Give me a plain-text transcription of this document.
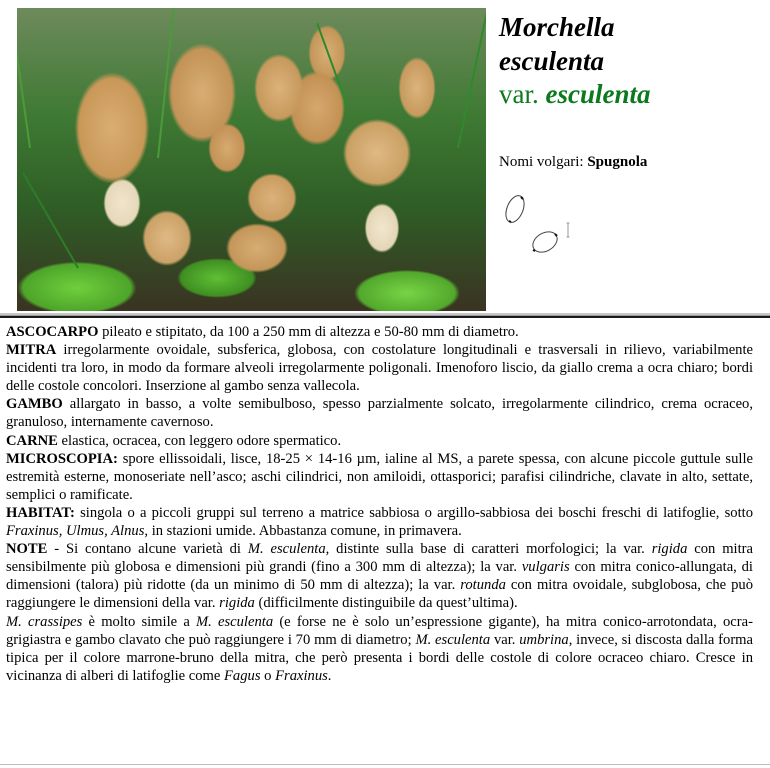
Morchella
esculenta
var. esculenta
Nomi volgari: Spugnola

ASCOCARPO pileato e stipitato, da 100 a 250 mm di altezza e 50-80 mm di diametro.

MITRA irregolarmente ovoidale, subsferica, globosa, con costolature longitudinali e trasversali in rilievo, variabilmente incidenti tra loro, in modo da formare alveoli irregolarmente poligonali. Imenoforo liscio, da giallo crema a ocra chiaro; bordi delle costole concolori. Inserzione al gambo senza vallecola.

GAMBO allargato in basso, a volte semibulboso, spesso parzialmente solcato, irregolarmente cilindrico, crema ocraceo, granuloso, internamente cavernoso.

CARNE elastica, ocracea, con leggero odore spermatico.

MICROSCOPIA: spore ellissoidali, lisce, 18-25 × 14-16 µm, ialine al MS, a parete spessa, con alcune piccole guttule sulle estremità esterne, monoseriate nell’asco; aschi cilindrici, non amiloidi, ottasporici; parafisi cilindriche, clavate in alto, settate, semplici o ramificate.

HABITAT: singola o a piccoli gruppi sul terreno a matrice sabbiosa o argillo-sabbiosa dei boschi freschi di latifoglie, sotto Fraxinus, Ulmus, Alnus, in stazioni umide. Abbastanza comune, in primavera.

NOTE - Si contano alcune varietà di M. esculenta, distinte sulla base di caratteri morfologici; la var. rigida con mitra sensibilmente più globosa e dimensioni più grandi (fino a 300 mm di altezza); la var. vulgaris con mitra conico-allungata, di dimensioni (talora) più ridotte (da un minimo di 50 mm di altezza); la var. rotunda con mitra ovoidale, subglobosa, che può raggiungere le dimensioni della var. rigida (difficilmente distinguibile da quest’ultima).

M. crassipes è molto simile a M. esculenta (e forse ne è solo un’espressione gigante), ha mitra conico-arrotondata, ocra-grigiastra e gambo clavato che può raggiungere i 70 mm di diametro; M. esculenta var. umbrina, invece, si discosta dalla forma tipica per il colore marrone-bruno della mitra, che però presenta i bordi delle costole di colore ocraceo chiaro. Cresce in vicinanza di alberi di latifoglie come Fagus o Fraxinus.
